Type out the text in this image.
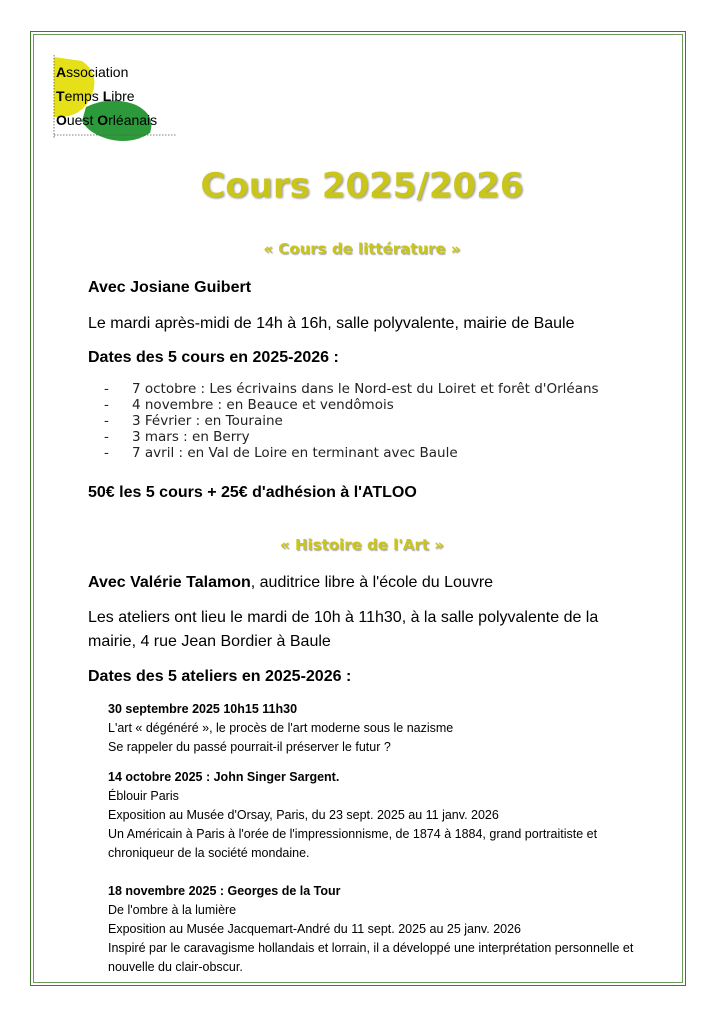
Association
Temps Libre
Ouest Orléanais
Cours 2025/2026
« Cours de littérature »
Avec Josiane Guibert
Le mardi après-midi de 14h à 16h, salle polyvalente, mairie de Baule
Dates des 5 cours en 2025-2026 :
- 7 octobre : Les écrivains dans le Nord-est du Loiret et forêt d'Orléans
- 4 novembre : en Beauce et vendômois
- 3 Février : en Touraine
- 3 mars : en Berry
- 7 avril : en Val de Loire en terminant avec Baule
50€ les 5 cours + 25€ d'adhésion à l'ATLOO
« Histoire de l'Art »
Avec Valérie Talamon, auditrice libre à l'école du Louvre
Les ateliers ont lieu le mardi de 10h à 11h30, à la salle polyvalente de la
mairie, 4 rue Jean Bordier à Baule
Dates des 5 ateliers en 2025-2026 :
30 septembre 2025 10h15 11h30
L'art « dégénéré », le procès de l'art moderne sous le nazisme
Se rappeler du passé pourrait-il préserver le futur ?
14 octobre 2025 : John Singer Sargent.
Éblouir Paris
Exposition au Musée d'Orsay, Paris, du 23 sept. 2025 au 11 janv. 2026
Un Américain à Paris à l'orée de l'impressionnisme, de 1874 à 1884, grand portraitiste et
chroniqueur de la société mondaine.
18 novembre 2025 : Georges de la Tour
De l'ombre à la lumière
Exposition au Musée Jacquemart-André du 11 sept. 2025 au 25 janv. 2026
Inspiré par le caravagisme hollandais et lorrain, il a développé une interprétation personnelle et
nouvelle du clair-obscur.
